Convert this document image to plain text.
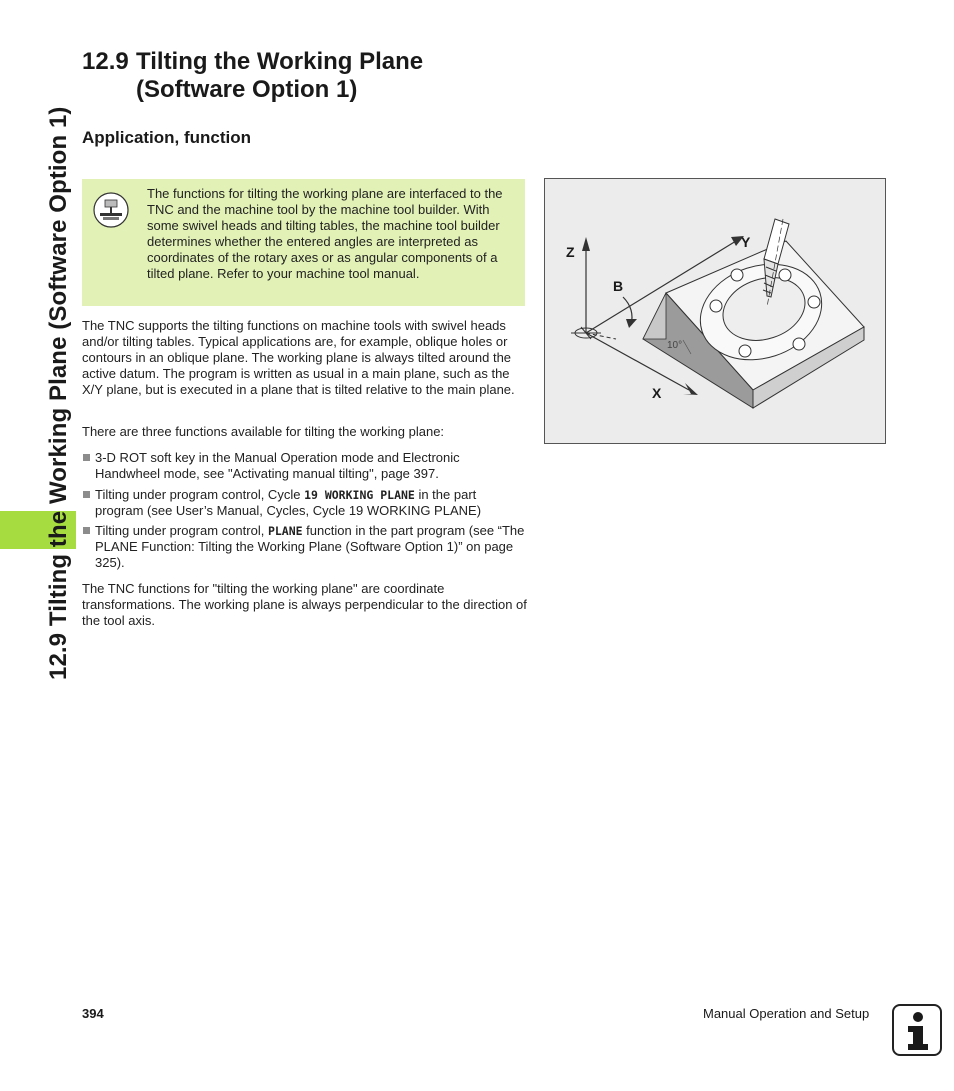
12.9 Tilting the Working Plane (Software Option 1)
12.9 Tilting the Working Plane
(Software Option 1)
Application, function
The functions for tilting the working plane are interfaced to the TNC and the machine tool by the machine tool builder. With some swivel heads and tilting tables, the machine tool builder determines whether the entered angles are interpreted as coordinates of the rotary axes or as angular components of a tilted plane. Refer to your machine tool manual.
The TNC supports the tilting functions on machine tools with swivel heads and/or tilting tables. Typical applications are, for example, oblique holes or contours in an oblique plane. The working plane is always tilted around the active datum. The program is written as usual in a main plane, such as the X/Y plane, but is executed in a plane that is tilted relative to the main plane.
There are three functions available for tilting the working plane:
3-D ROT soft key in the Manual Operation mode and Electronic Handwheel mode, see "Activating manual tilting", page 397.
Tilting under program control, Cycle 19 WORKING PLANE in the part program (see User’s Manual, Cycles, Cycle 19 WORKING PLANE)
Tilting under program control, PLANE function in the part program (see “The PLANE Function: Tilting the Working Plane (Software Option 1)” on page 325).
The TNC functions for "tilting the working plane" are coordinate transformations. The working plane is always perpendicular to the direction of the tool axis.
10°
Z
Y
B
X
394	Manual Operation and Setup
